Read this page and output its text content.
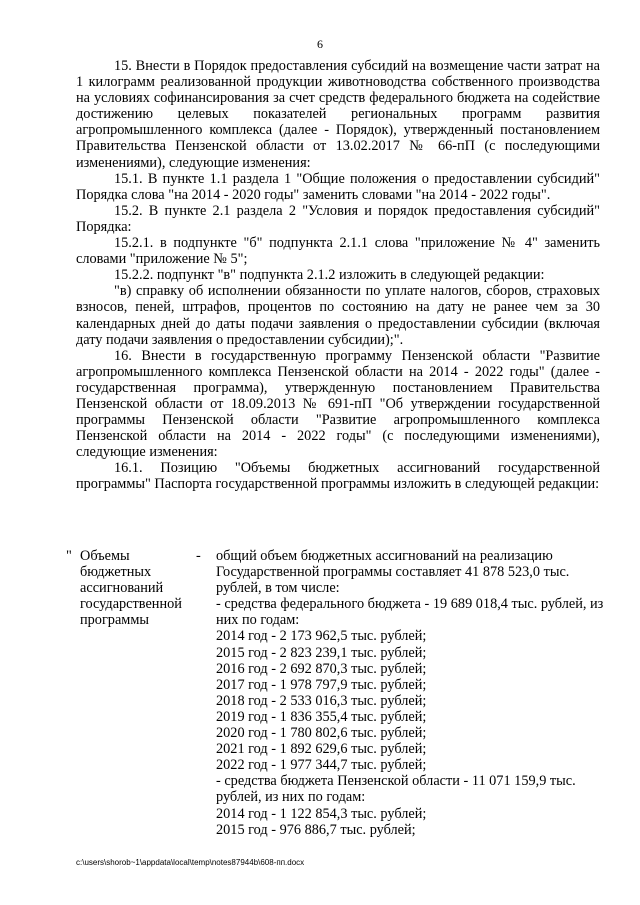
6

15. Внести в Порядок предоставления субсидий на возмещение части затрат на 1 килограмм реализованной продукции животноводства собственного производства на условиях софинансирования за счет средств федерального бюджета на содействие достижению целевых показателей региональных программ развития агропромышленного комплекса (далее - Порядок), утвержденный постановлением Правительства Пензенской области от 13.02.2017 № 66-пП (с последующими изменениями), следующие изменения:

15.1. В пункте 1.1 раздела 1 "Общие положения о предоставлении субсидий" Порядка слова "на 2014 - 2020 годы" заменить словами "на 2014 - 2022 годы".

15.2. В пункте 2.1 раздела 2 "Условия и порядок предоставления субсидий" Порядка:

15.2.1. в подпункте "б" подпункта 2.1.1 слова "приложение № 4" заменить словами "приложение № 5";

15.2.2. подпункт "в" подпункта 2.1.2 изложить в следующей редакции:

"в) справку об исполнении обязанности по уплате налогов, сборов, страховых взносов, пеней, штрафов, процентов по состоянию на дату не ранее чем за 30 календарных дней до даты подачи заявления о предоставлении субсидии (включая дату подачи заявления о предоставлении субсидии);".

16. Внести в государственную программу Пензенской области "Развитие агропромышленного комплекса Пензенской области на 2014 - 2022 годы" (далее - государственная программа), утвержденную постановлением Правительства Пензенской области от 18.09.2013 № 691-пП "Об утверждении государственной программы Пензенской области "Развитие агропромышленного комплекса Пензенской области на 2014 - 2022 годы" (с последующими изменениями), следующие изменения:

16.1. Позицию "Объемы бюджетных ассигнований государственной программы" Паспорта государственной программы изложить в следующей редакции:

"	Объемы бюджетных ассигнований государственной программы	-	общий объем бюджетных ассигнований на реализацию Государственной программы составляет 41 878 523,0 тыс. рублей, в том числе:
- средства федерального бюджета - 19 689 018,4 тыс. рублей, из них по годам:
2014 год - 2 173 962,5 тыс. рублей;
2015 год - 2 823 239,1 тыс. рублей;
2016 год - 2 692 870,3 тыс. рублей;
2017 год - 1 978 797,9 тыс. рублей;
2018 год - 2 533 016,3 тыс. рублей;
2019 год - 1 836 355,4 тыс. рублей;
2020 год - 1 780 802,6 тыс. рублей;
2021 год - 1 892 629,6 тыс. рублей;
2022 год - 1 977 344,7 тыс. рублей;
- средства бюджета Пензенской области - 11 071 159,9 тыс. рублей, из них по годам:
2014 год - 1 122 854,3 тыс. рублей;
2015 год - 976 886,7 тыс. рублей;
c:\users\shorob~1\appdata\local\temp\notes87944b\608-пп.docx
